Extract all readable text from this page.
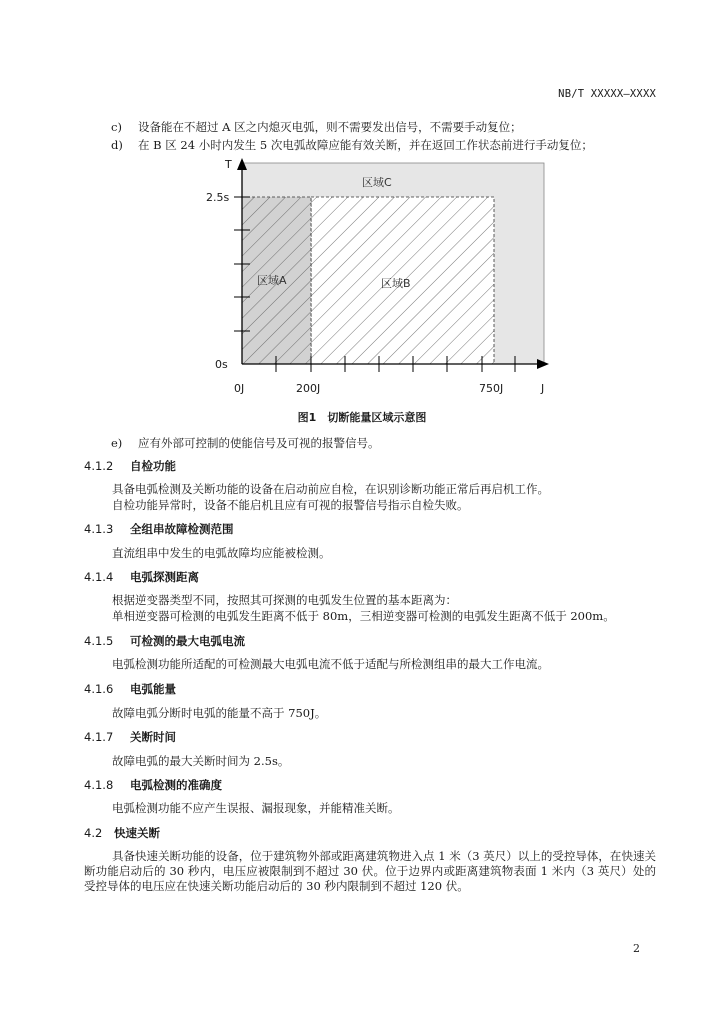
NB/T XXXXX—XXXX
c) 设备能在不超过 A 区之内熄灭电弧，则不需要发出信号，不需要手动复位；
d) 在 B 区 24 小时内发生 5 次电弧故障应能有效关断，并在返回工作状态前进行手动复位；
T
2.5s
0s
0J	200J	750J	J
区域C
区域A	区域B
图1　切断能量区域示意图
e) 应有外部可控制的使能信号及可视的报警信号。
4.1.2 自检功能
具备电弧检测及关断功能的设备在启动前应自检，在识别诊断功能正常后再启机工作。
自检功能异常时，设备不能启机且应有可视的报警信号指示自检失败。
4.1.3 全组串故障检测范围
直流组串中发生的电弧故障均应能被检测。
4.1.4 电弧探测距离
根据逆变器类型不同，按照其可探测的电弧发生位置的基本距离为：
单相逆变器可检测的电弧发生距离不低于 80m，三相逆变器可检测的电弧发生距离不低于 200m。
4.1.5 可检测的最大电弧电流
电弧检测功能所适配的可检测最大电弧电流不低于适配与所检测组串的最大工作电流。
4.1.6 电弧能量
故障电弧分断时电弧的能量不高于 750J。
4.1.7 关断时间
故障电弧的最大关断时间为 2.5s。
4.1.8 电弧检测的准确度
电弧检测功能不应产生误报、漏报现象，并能精准关断。
4.2 快速关断
具备快速关断功能的设备，位于建筑物外部或距离建筑物进入点 1 米（3 英尺）以上的受控导体，在快速关断功能启动后的 30 秒内，电压应被限制到不超过 30 伏。位于边界内或距离建筑物表面 1 米内（3 英尺）处的受控导体的电压应在快速关断功能启动后的 30 秒内限制到不超过 120 伏。
2
